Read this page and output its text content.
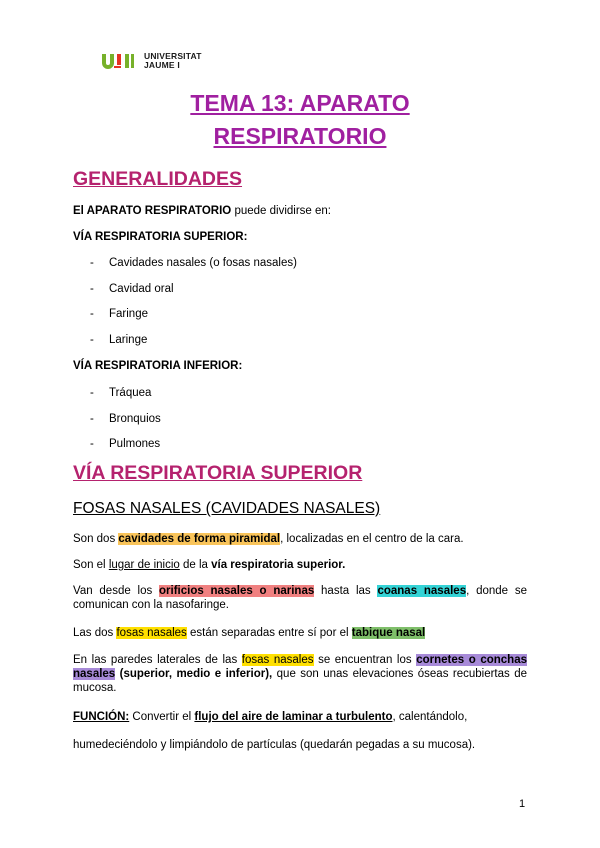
UNIVERSITAT
JAUME I
TEMA 13: APARATO
RESPIRATORIO
GENERALIDADES
El APARATO RESPIRATORIO puede dividirse en:
VÍA RESPIRATORIA SUPERIOR:
- Cavidades nasales (o fosas nasales)
- Cavidad oral
- Faringe
- Laringe
VÍA RESPIRATORIA INFERIOR:
- Tráquea
- Bronquios
- Pulmones
VÍA RESPIRATORIA SUPERIOR
FOSAS NASALES (CAVIDADES NASALES)
Son dos cavidades de forma piramidal, localizadas en el centro de la cara.
Son el lugar de inicio de la vía respiratoria superior.
Van desde los orificios nasales o narinas hasta las coanas nasales, donde se comunican con la nasofaringe.
Las dos fosas nasales están separadas entre sí por el tabique nasal
En las paredes laterales de las fosas nasales se encuentran los cornetes o conchas nasales (superior, medio e inferior), que son unas elevaciones óseas recubiertas de mucosa.
FUNCIÓN: Convertir el flujo del aire de laminar a turbulento, calentándolo,
humedeciéndolo y limpiándolo de partículas (quedarán pegadas a su mucosa).
1
